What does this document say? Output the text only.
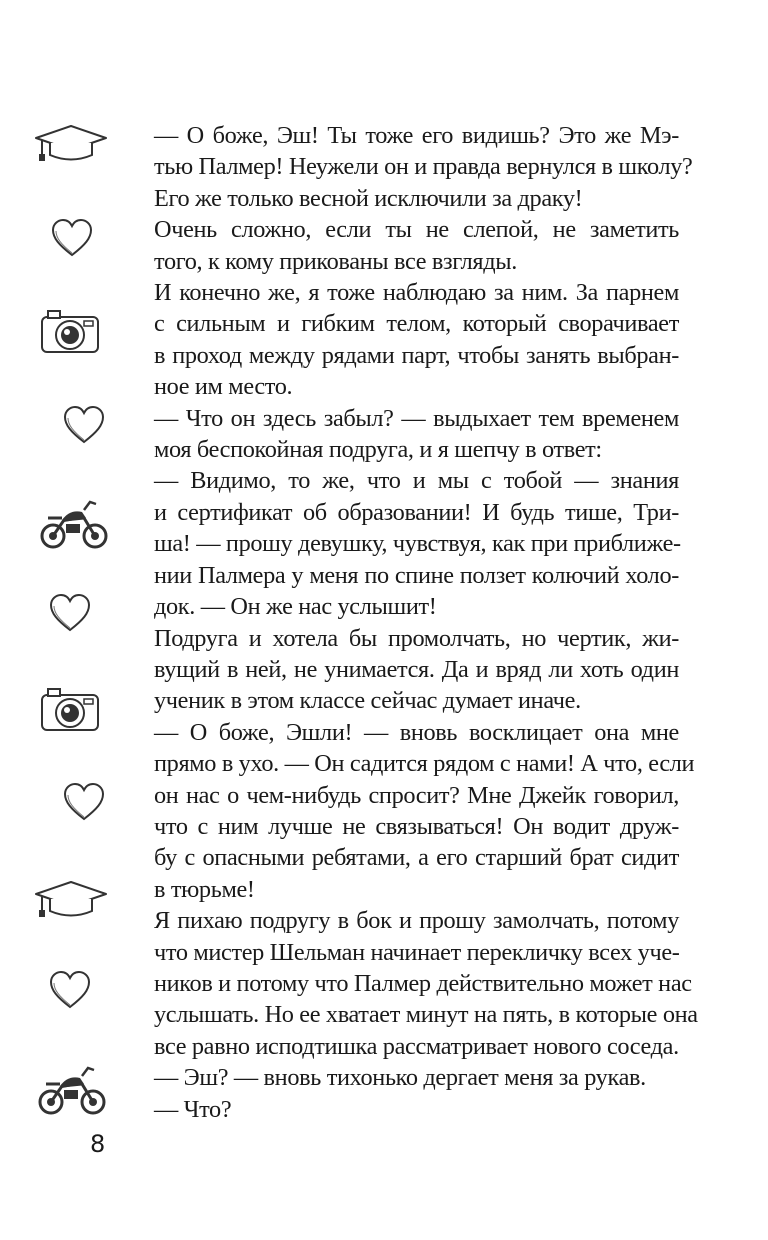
— О боже, Эш! Ты тоже его видишь? Это же Мэ-
тью Палмер! Неужели он и правда вернулся в школу?
Его же только весной исключили за драку!

Очень сложно, если ты не слепой, не заметить
того, к кому прикованы все взгляды.

И конечно же, я тоже наблюдаю за ним. За парнем
с сильным и гибким телом, который сворачивает
в проход между рядами парт, чтобы занять выбран-
ное им место.

— Что он здесь забыл? — выдыхает тем временем
моя беспокойная подруга, и я шепчу в ответ:

— Видимо, то же, что и мы с тобой — знания
и сертификат об образовании! И будь тише, Три-
ша! — прошу девушку, чувствуя, как при приближе-
нии Палмера у меня по спине ползет колючий холо-
док. — Он же нас услышит!

Подруга и хотела бы промолчать, но чертик, жи-
вущий в ней, не унимается. Да и вряд ли хоть один
ученик в этом классе сейчас думает иначе.

— О боже, Эшли! — вновь восклицает она мне
прямо в ухо. — Он садится рядом с нами! А что, если
он нас о чем-нибудь спросит? Мне Джейк говорил,
что с ним лучше не связываться! Он водит друж-
бу с опасными ребятами, а его старший брат сидит
в тюрьме!

Я пихаю подругу в бок и прошу замолчать, потому
что мистер Шельман начинает перекличку всех уче-
ников и потому что Палмер действительно может нас
услышать. Но ее хватает минут на пять, в которые она
все равно исподтишка рассматривает нового соседа.

— Эш? — вновь тихонько дергает меня за рукав.

— Что?

8
